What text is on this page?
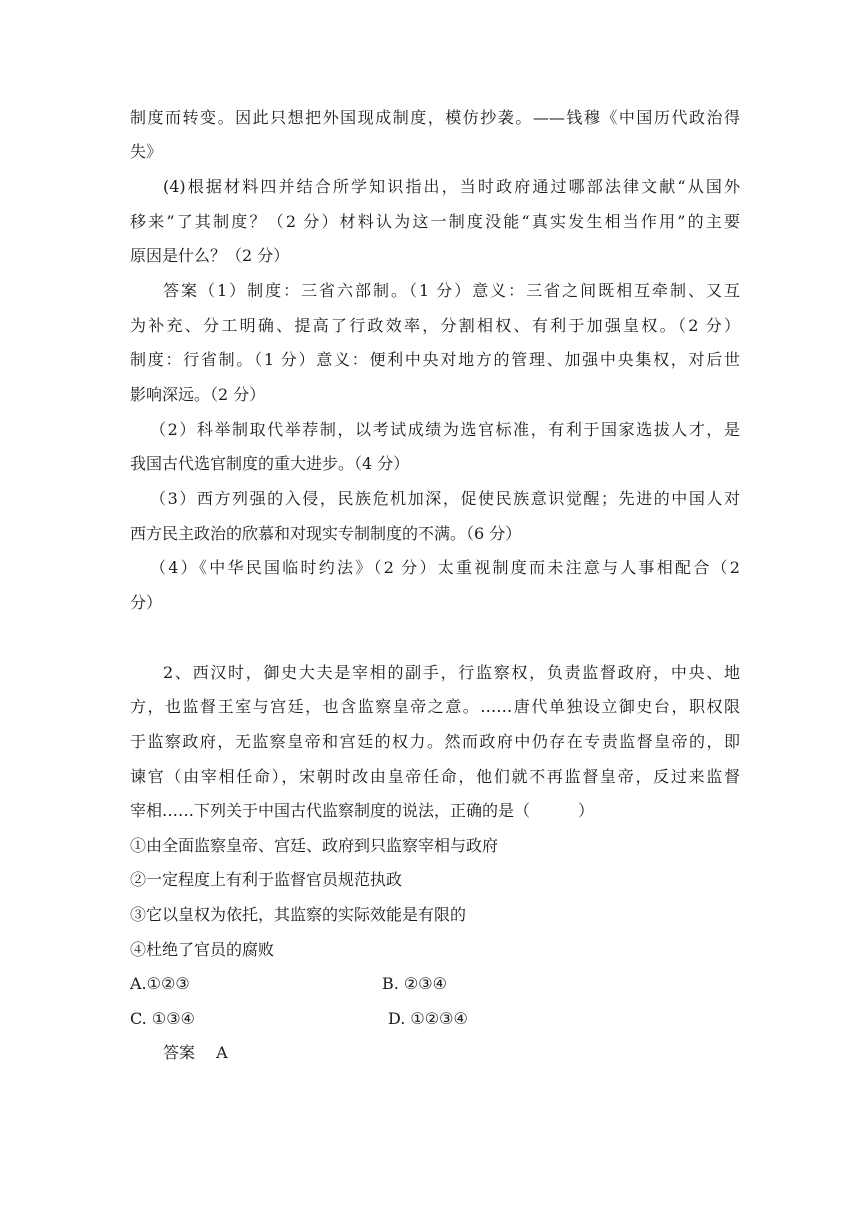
制度而转变。因此只想把外国现成制度，模仿抄袭。——钱穆《中国历代政治得
失》
(4)根据材料四并结合所学知识指出，当时政府通过哪部法律文献“从国外
移来”了其制度？（2 分）材料认为这一制度没能“真实发生相当作用”的主要
原因是什么？（2 分）
答案（1）制度：三省六部制。（1 分）意义：三省之间既相互牵制、又互
为补充、分工明确、提高了行政效率，分割相权、有利于加强皇权。（2 分）
制度：行省制。（1 分）意义：便利中央对地方的管理、加强中央集权，对后世
影响深远。（2 分）
（2）科举制取代举荐制，以考试成绩为选官标准，有利于国家选拔人才，是
我国古代选官制度的重大进步。（4 分）
（3）西方列强的入侵，民族危机加深，促使民族意识觉醒；先进的中国人对
西方民主政治的欣慕和对现实专制制度的不满。（6 分）
（4）《中华民国临时约法》（2 分）太重视制度而未注意与人事相配合（2
分）
2、西汉时，御史大夫是宰相的副手，行监察权，负责监督政府，中央、地
方，也监督王室与宫廷，也含监察皇帝之意。……唐代单独设立御史台，职权限
于监察政府，无监察皇帝和宫廷的权力。然而政府中仍存在专责监督皇帝的，即
谏官（由宰相任命），宋朝时改由皇帝任命，他们就不再监督皇帝，反过来监督
宰相……下列关于中国古代监察制度的说法，正确的是（　　　）
①由全面监察皇帝、宫廷、政府到只监察宰相与政府
②一定程度上有利于监督官员规范执政
③它以皇权为依托，其监察的实际效能是有限的
④杜绝了官员的腐败
A.①②③	B. ②③④
C. ①③④	D. ①②③④
答案　 A
